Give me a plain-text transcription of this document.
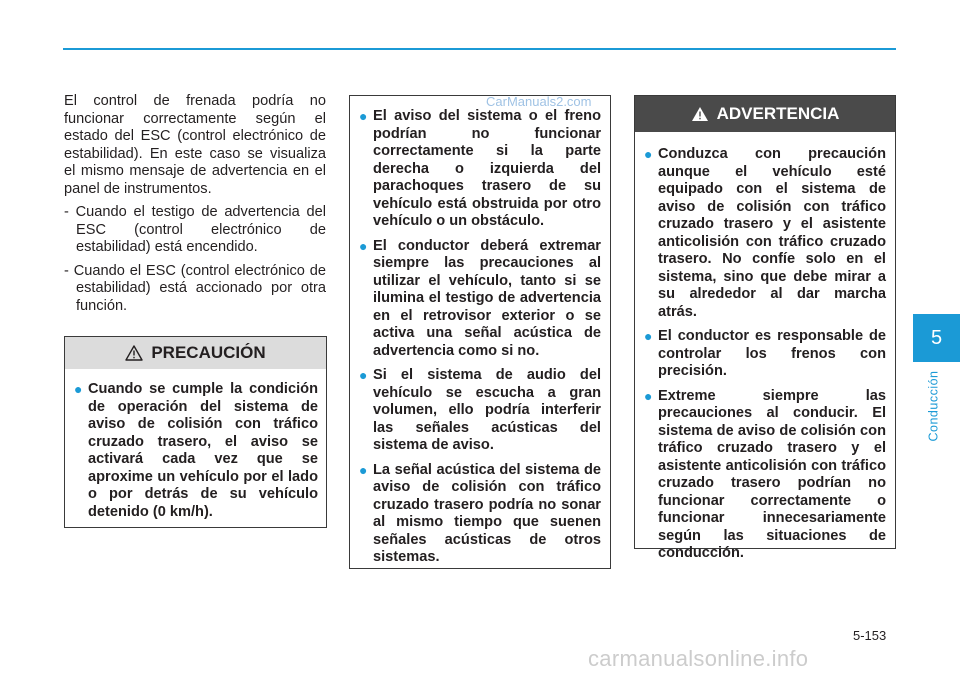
El control de frenada podría no funcionar correctamente según el estado del ESC (control electrónico de estabilidad). En este caso se visualiza el mismo mensaje de advertencia en el panel de instrumentos.

- Cuando el testigo de advertencia del ESC (control electrónico de estabilidad) está encendido.

- Cuando el ESC (control electrónico de estabilidad) está accionado por otra función.

PRECAUCIÓN
● Cuando se cumple la condición de operación del sistema de aviso de colisión con tráfico cruzado trasero, el aviso se activará cada vez que se aproxime un vehículo por el lado o por detrás de su vehículo detenido (0 km/h).
● El aviso del sistema o el freno podrían no funcionar correctamente si la parte derecha o izquierda del parachoques trasero de su vehículo está obstruida por otro vehículo o un obstáculo.
● El conductor deberá extremar siempre las precauciones al utilizar el vehículo, tanto si se ilumina el testigo de advertencia en el retrovisor exterior o se activa una señal acústica de advertencia como si no.
● Si el sistema de audio del vehículo se escucha a gran volumen, ello podría interferir las señales acústicas del sistema de aviso.
● La señal acústica del sistema de aviso de colisión con tráfico cruzado trasero podría no sonar al mismo tiempo que suenen señales acústicas de otros sistemas.
ADVERTENCIA
● Conduzca con precaución aunque el vehículo esté equipado con el sistema de aviso de colisión con tráfico cruzado trasero y el asistente anticolisión con tráfico cruzado trasero. No confíe solo en el sistema, sino que debe mirar a su alrededor al dar marcha atrás.
● El conductor es responsable de controlar los frenos con precisión.
● Extreme siempre las precauciones al conducir. El sistema de aviso de colisión con tráfico cruzado trasero y el asistente anticolisión con tráfico cruzado trasero podrían no funcionar correctamente o funcionar innecesariamente según las situaciones de conducción.
CarManuals2.com
5
Conducción
5-153
carmanualsonline.info
